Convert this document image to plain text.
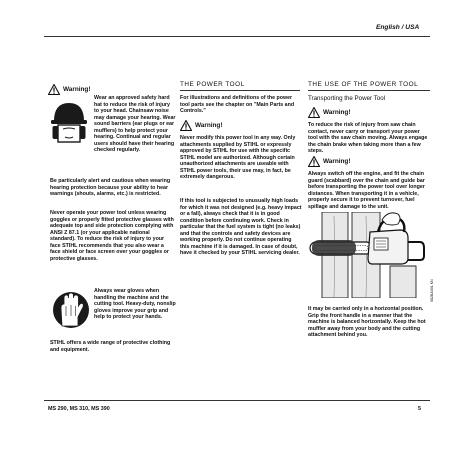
English / USA
Warning!

Wear an approved safety hard hat to reduce the risk of injury to your head. Chainsaw noise may damage your hearing. Wear sound barriers (ear plugs or ear mufflers) to help protect your hearing. Continual and regular users should have their hearing checked regularly.

Be particularly alert and cautious when wearing hearing protection because your ability to hear warnings (shouts, alarms, etc.) is restricted.

Never operate your power tool unless wearing goggles or properly fitted protective glasses with adequate top and side protection complying with ANSI Z 87.1 (or your applicable national standard). To reduce the risk of injury to your face STIHL recommends that you also wear a face shield or face screen over your goggles or protective glasses.

Always wear gloves when handling the machine and the cutting tool. Heavy-duty, nonslip gloves improve your grip and help to protect your hands.

STIHL offers a wide range of protective clothing and equipment.

THE POWER TOOL

For illustrations and definitions of the power tool parts see the chapter on "Main Parts and Controls."

Warning!

Never modify this power tool in any way. Only attachments supplied by STIHL or expressly approved by STIHL for use with the specific STIHL model are authorized. Although certain unauthorized attachments are useable with STIHL power tools, their use may, in fact, be extremely dangerous.

If this tool is subjected to unusually high loads for which it was not designed (e.g. heavy impact or a fall), always check that it is in good condition before continuing work. Check in particular that the fuel system is tight (no leaks) and that the controls and safety devices are working properly. Do not continue operating this machine if it is damaged. In case of doubt, have it checked by your STIHL servicing dealer.

THE USE OF THE POWER TOOL
Transporting the Power Tool
Warning!

To reduce the risk of injury from saw chain contact, never carry or transport your power tool with the saw chain moving. Always engage the chain brake when taking more than a few steps.

Warning!

Always switch off the engine, and fit the chain guard (scabbard) over the chain and guide bar before transporting the power tool over longer distances. When transporting it in a vehicle, properly secure it to prevent turnover, fuel spillage and damage to the unit.

082BA001 KN

It may be carried only in a horizontal position. Grip the front handle in a manner that the machine is balanced horizontally. Keep the hot muffler away from your body and the cutting attachment behind you.

MS 290, MS 310, MS 390	5
